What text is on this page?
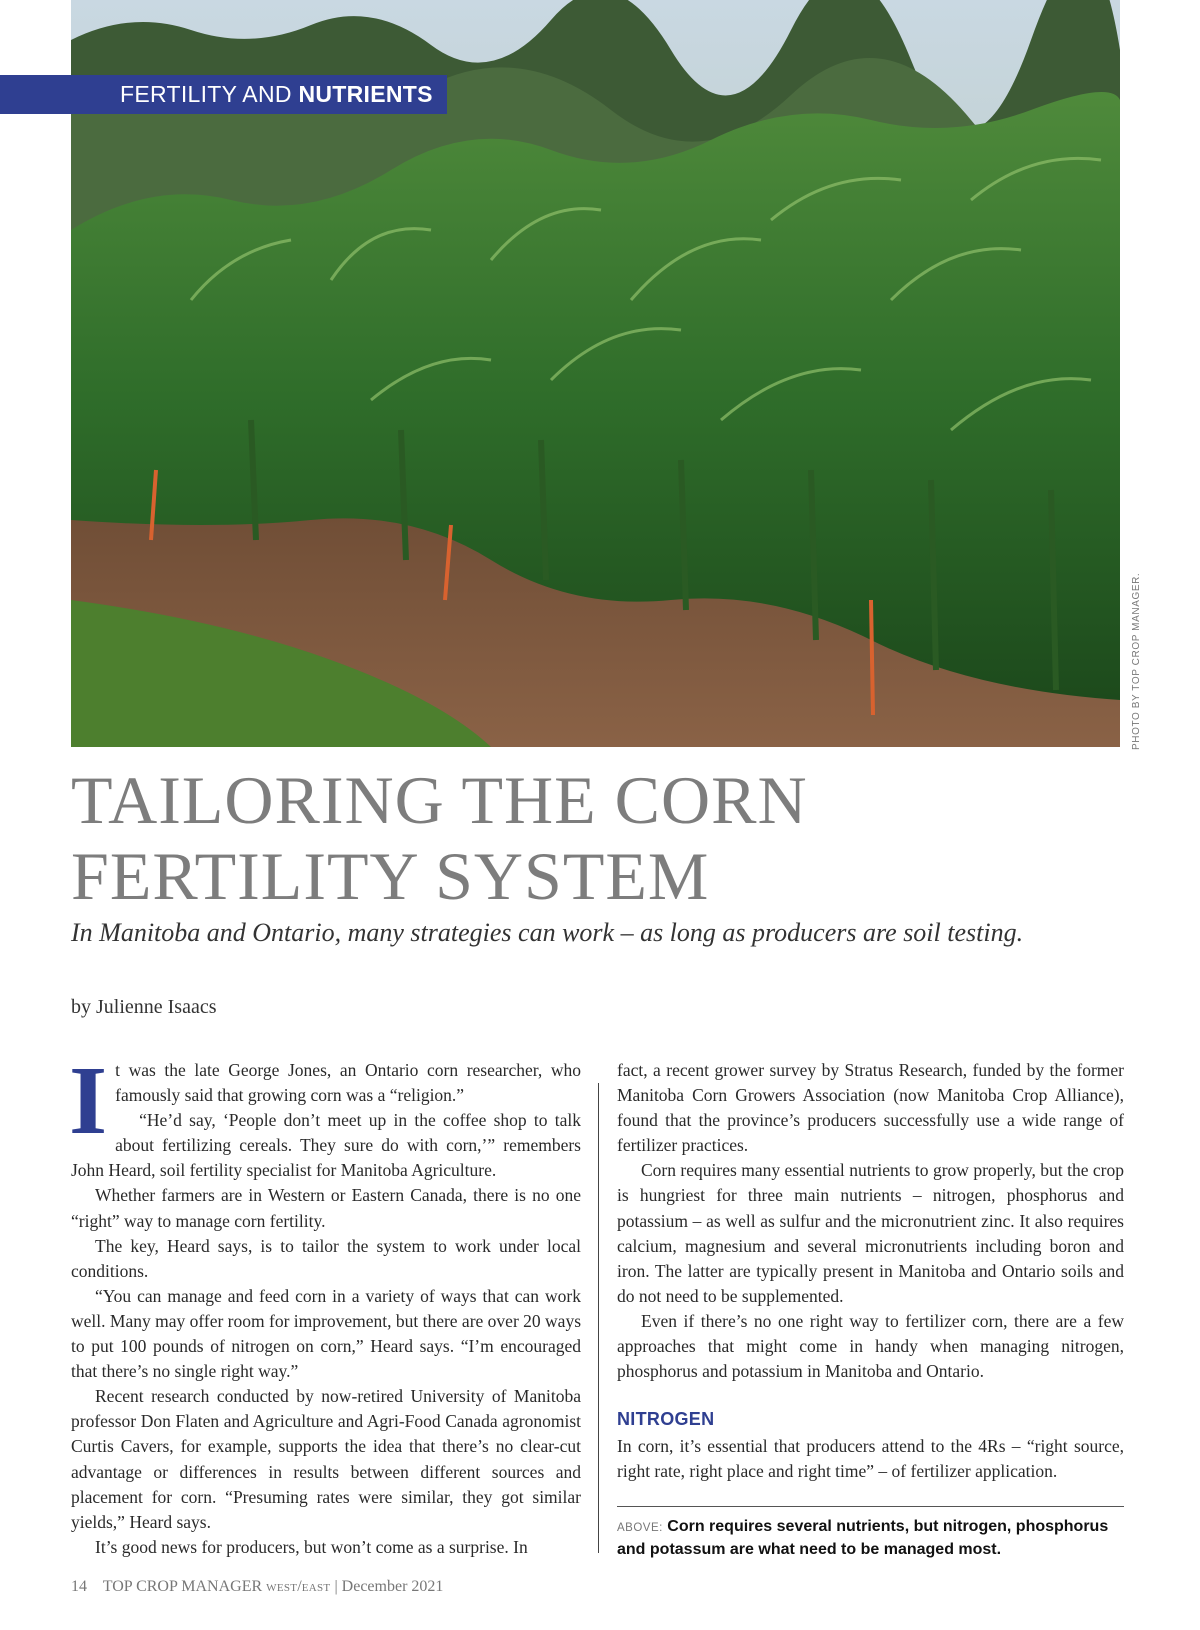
FERTILITY AND NUTRIENTS
PHOTO BY TOP CROP MANAGER.
TAILORING THE CORN
FERTILITY SYSTEM

In Manitoba and Ontario, many strategies can work – as long as producers are soil testing.

by Julienne Isaacs

It was the late George Jones, an Ontario corn researcher, who famously said that growing corn was a “religion.”

“He’d say, ‘People don’t meet up in the coffee shop to talk about fertilizing cereals. They sure do with corn,’” remembers John Heard, soil fertility specialist for Manitoba Agriculture.

Whether farmers are in Western or Eastern Canada, there is no one “right” way to manage corn fertility.

The key, Heard says, is to tailor the system to work under local conditions.

“You can manage and feed corn in a variety of ways that can work well. Many may offer room for improvement, but there are over 20 ways to put 100 pounds of nitrogen on corn,” Heard says. “I’m encouraged that there’s no single right way.”

Recent research conducted by now-retired University of Manitoba professor Don Flaten and Agriculture and Agri-Food Canada agronomist Curtis Cavers, for example, supports the idea that there’s no clear-cut advantage or differences in results between different sources and placement for corn. “Presuming rates were similar, they got similar yields,” Heard says.

It’s good news for producers, but won’t come as a surprise. In

fact, a recent grower survey by Stratus Research, funded by the former Manitoba Corn Growers Association (now Manitoba Crop Alliance), found that the province’s producers successfully use a wide range of fertilizer practices.

Corn requires many essential nutrients to grow properly, but the crop is hungriest for three main nutrients – nitrogen, phosphorus and potassium – as well as sulfur and the micronutrient zinc. It also requires calcium, magnesium and several micronutrients including boron and iron. The latter are typically present in Manitoba and Ontario soils and do not need to be supplemented.

Even if there’s no one right way to fertilizer corn, there are a few approaches that might come in handy when managing nitrogen, phosphorus and potassium in Manitoba and Ontario.

NITROGEN

In corn, it’s essential that producers attend to the 4Rs – “right source, right rate, right place and right time” – of fertilizer application.

ABOVE: Corn requires several nutrients, but nitrogen, phosphorus and potassum are what need to be managed most.
14 TOP CROP MANAGER WEST/EAST | December 2021
